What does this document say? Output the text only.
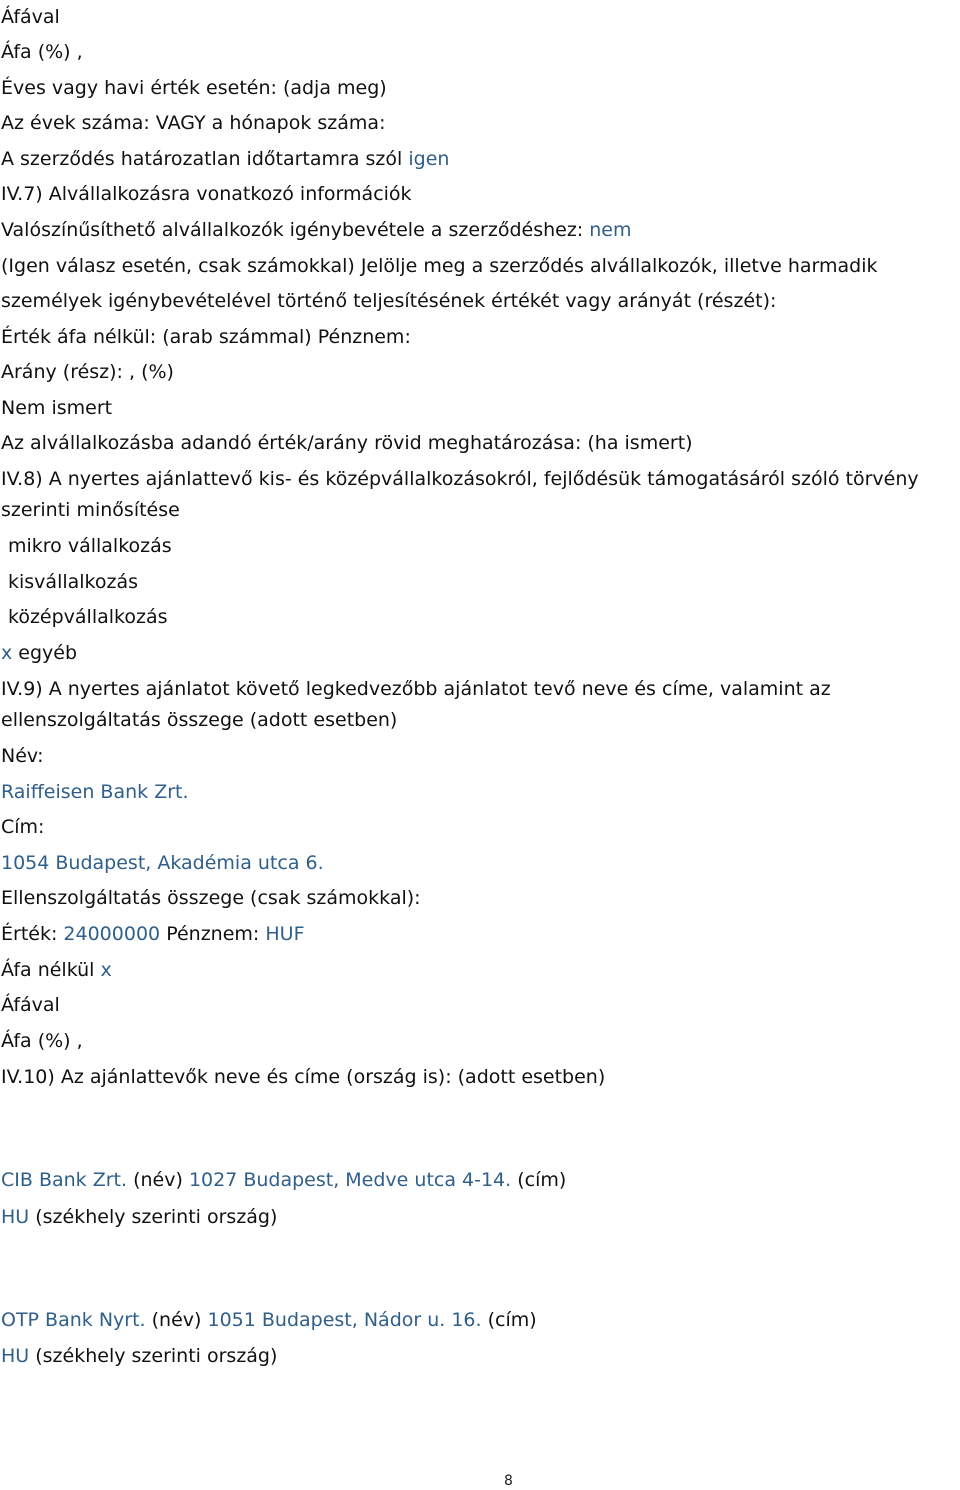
Áfával
Áfa (%) ,
Éves vagy havi érték esetén: (adja meg)
Az évek száma: VAGY a hónapok száma:
A szerződés határozatlan időtartamra szól igen
IV.7) Alvállalkozásra vonatkozó információk
Valószínűsíthető alvállalkozók igénybevétele a szerződéshez: nem
(Igen válasz esetén, csak számokkal) Jelölje meg a szerződés alvállalkozók, illetve harmadik
személyek igénybevételével történő teljesítésének értékét vagy arányát (részét):
Érték áfa nélkül: (arab számmal) Pénznem:
Arány (rész): , (%)
Nem ismert
Az alvállalkozásba adandó érték/arány rövid meghatározása: (ha ismert)
IV.8) A nyertes ajánlattevő kis- és középvállalkozásokról, fejlődésük támogatásáról szóló törvény
szerinti minősítése
mikro vállalkozás
kisvállalkozás
középvállalkozás
x egyéb
IV.9) A nyertes ajánlatot követő legkedvezőbb ajánlatot tevő neve és címe, valamint az
ellenszolgáltatás összege (adott esetben)
Név:
Raiffeisen Bank Zrt.
Cím:
1054 Budapest, Akadémia utca 6.
Ellenszolgáltatás összege (csak számokkal):
Érték: 24000000 Pénznem: HUF
Áfa nélkül x
Áfával
Áfa (%) ,
IV.10) Az ajánlattevők neve és címe (ország is): (adott esetben)
CIB Bank Zrt. (név) 1027 Budapest, Medve utca 4-14. (cím)
HU (székhely szerinti ország)
OTP Bank Nyrt. (név) 1051 Budapest, Nádor u. 16. (cím)
HU (székhely szerinti ország)
8
